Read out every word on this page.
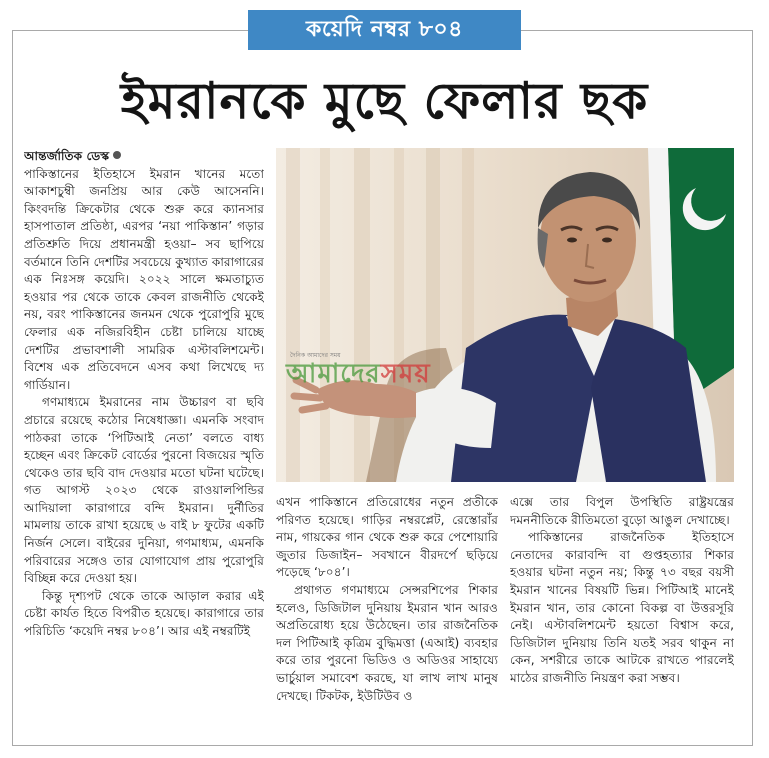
কয়েদি নম্বর ৮০৪
ইমরানকে মুছে ফেলার ছক
আন্তর্জাতিক ডেস্ক

পাকিস্তানের ইতিহাসে ইমরান খানের মতো আকাশচুম্বী জনপ্রিয় আর কেউ আসেননি। কিংবদন্তি ক্রিকেটার থেকে শুরু করে ক্যানসার হাসপাতাল প্রতিষ্ঠা, এরপর ‘নয়া পাকিস্তান’ গড়ার প্রতিশ্রুতি দিয়ে প্রধানমন্ত্রী হওয়া– সব ছাপিয়ে বর্তমানে তিনি দেশটির সবচেয়ে কুখ্যাত কারাগারের এক নিঃসঙ্গ কয়েদি। ২০২২ সালে ক্ষমতাচ্যুত হওয়ার পর থেকে তাকে কেবল রাজনীতি থেকেই নয়, বরং পাকিস্তানের জনমন থেকে পুরোপুরি মুছে ফেলার এক নজিরবিহীন চেষ্টা চালিয়ে যাচ্ছে দেশটির প্রভাবশালী সামরিক এস্টাবলিশমেন্ট। বিশেষ এক প্রতিবেদনে এসব কথা লিখেছে দ্য গার্ডিয়ান।

গণমাধ্যমে ইমরানের নাম উচ্চারণ বা ছবি প্রচারে রয়েছে কঠোর নিষেধাজ্ঞা। এমনকি সংবাদ পাঠকরা তাকে ‘পিটিআই নেতা’ বলতে বাধ্য হচ্ছেন এবং ক্রিকেট বোর্ডের পুরনো বিজয়ের স্মৃতি থেকেও তার ছবি বাদ দেওয়ার মতো ঘটনা ঘটেছে। গত আগস্ট ২০২৩ থেকে রাওয়ালপিন্ডির আদিয়ালা কারাগারে বন্দি ইমরান। দুর্নীতির মামলায় তাকে রাখা হয়েছে ৬ বাই ৮ ফুটের একটি নির্জন সেলে। বাইরের দুনিয়া, গণমাধ্যম, এমনকি পরিবারের সঙ্গেও তার যোগাযোগ প্রায় পুরোপুরি বিচ্ছিন্ন করে দেওয়া হয়।

কিন্তু দৃশ্যপট থেকে তাকে আড়াল করার এই চেষ্টা কার্যত হিতে বিপরীত হয়েছে। কারাগারে তার পরিচিতি ‘কয়েদি নম্বর ৮০৪’। আর এই নম্বরটিই

দৈনিক আমাদের সময়
আমাদেরসময়

এখন পাকিস্তানে প্রতিরোধের নতুন প্রতীকে পরিণত হয়েছে। গাড়ির নম্বরপ্লেট, রেস্তোরাঁর নাম, গায়কের গান থেকে শুরু করে পেশোয়ারি জুতার ডিজাইন– সবখানে বীরদর্পে ছড়িয়ে পড়েছে ‘৮০৪’।

প্রথাগত গণমাধ্যমে সেন্সরশিপের শিকার হলেও, ডিজিটাল দুনিয়ায় ইমরান খান আরও অপ্রতিরোধ্য হয়ে উঠেছেন। তার রাজনৈতিক দল পিটিআই কৃত্রিম বুদ্ধিমত্তা (এআই) ব্যবহার করে তার পুরনো ভিডিও ও অডিওর সাহায্যে ভার্চুয়াল সমাবেশ করছে, যা লাখ লাখ মানুষ দেখছে। টিকটক, ইউটিউব ও

এক্সে তার বিপুল উপস্থিতি রাষ্ট্রযন্ত্রের দমননীতিকে রীতিমতো বুড়ো আঙুল দেখাচ্ছে।

পাকিস্তানের রাজনৈতিক ইতিহাসে নেতাদের কারাবন্দি বা গুপ্তহত্যার শিকার হওয়ার ঘটনা নতুন নয়; কিন্তু ৭৩ বছর বয়সী ইমরান খানের বিষয়টি ভিন্ন। পিটিআই মানেই ইমরান খান, তার কোনো বিকল্প বা উত্তরসূরি নেই। এস্টাবলিশমেন্ট হয়তো বিশ্বাস করে, ডিজিটাল দুনিয়ায় তিনি যতই সরব থাকুন না কেন, সশরীরে তাকে আটকে রাখতে পারলেই মাঠের রাজনীতি নিয়ন্ত্রণ করা সম্ভব।
